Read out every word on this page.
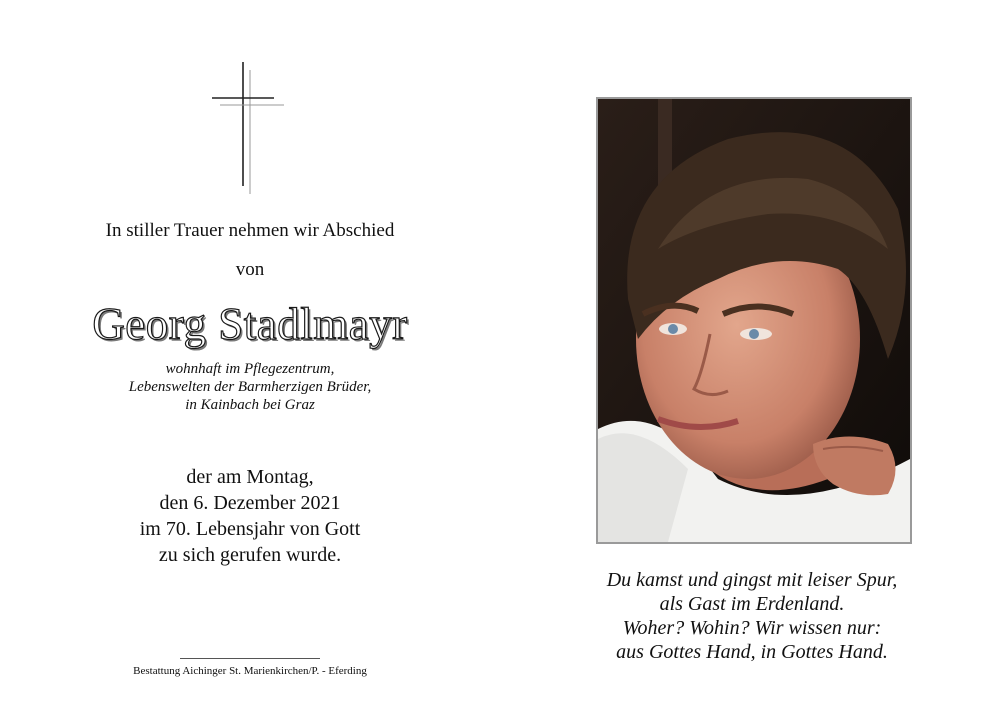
In stiller Trauer nehmen wir Abschied
von
Georg Stadlmayr
wohnhaft im Pflegezentrum,
Lebenswelten der Barmherzigen Brüder,
in Kainbach bei Graz
der am Montag,
den 6. Dezember 2021
im 70. Lebensjahr von Gott
zu sich gerufen wurde.
Bestattung Aichinger St. Marienkirchen/P. - Eferding
Du kamst und gingst mit leiser Spur,
als Gast im Erdenland.
Woher? Wohin? Wir wissen nur:
aus Gottes Hand, in Gottes Hand.
